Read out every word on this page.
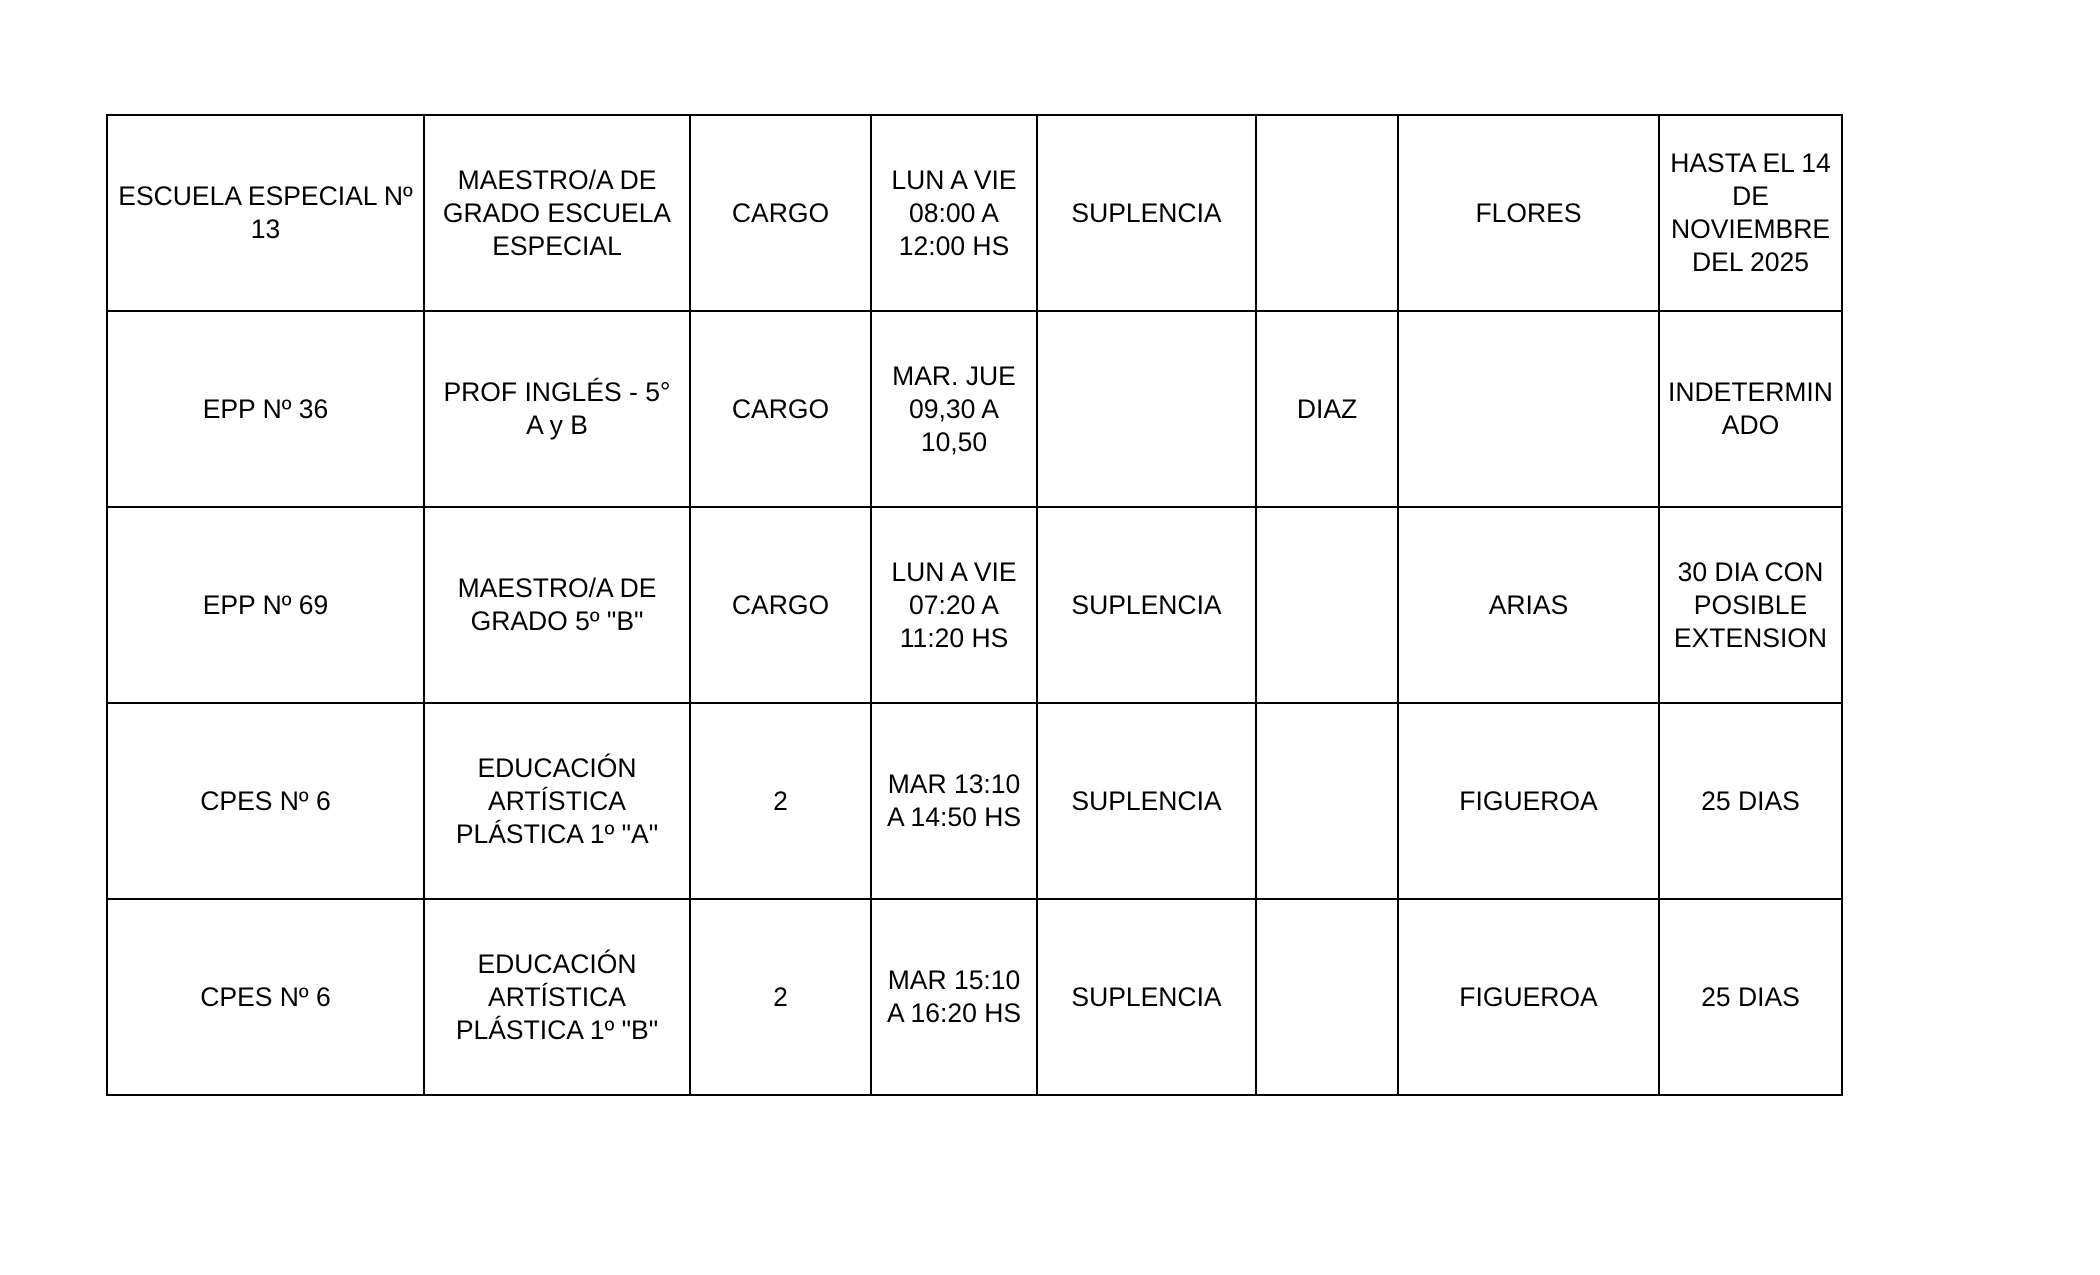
ESCUELA ESPECIAL Nº
13	MAESTRO/A DE
GRADO ESCUELA
ESPECIAL	CARGO	LUN A VIE
08:00 A
12:00 HS	SUPLENCIA		FLORES	HASTA EL 14
DE
NOVIEMBRE
DEL 2025

EPP Nº 36	PROF INGLÉS - 5°
A y B	CARGO	MAR. JUE
09,30 A
10,50		DIAZ		INDETERMIN
ADO

EPP Nº 69	MAESTRO/A DE
GRADO 5º "B"	CARGO	LUN A VIE
07:20 A
11:20 HS	SUPLENCIA		ARIAS	30 DIA CON
POSIBLE
EXTENSION

CPES Nº 6	EDUCACIÓN
ARTÍSTICA
PLÁSTICA 1º "A"	2	MAR 13:10
A 14:50 HS	SUPLENCIA		FIGUEROA	25 DIAS

CPES Nº 6	EDUCACIÓN
ARTÍSTICA
PLÁSTICA 1º "B"	2	MAR 15:10
A 16:20 HS	SUPLENCIA		FIGUEROA	25 DIAS
